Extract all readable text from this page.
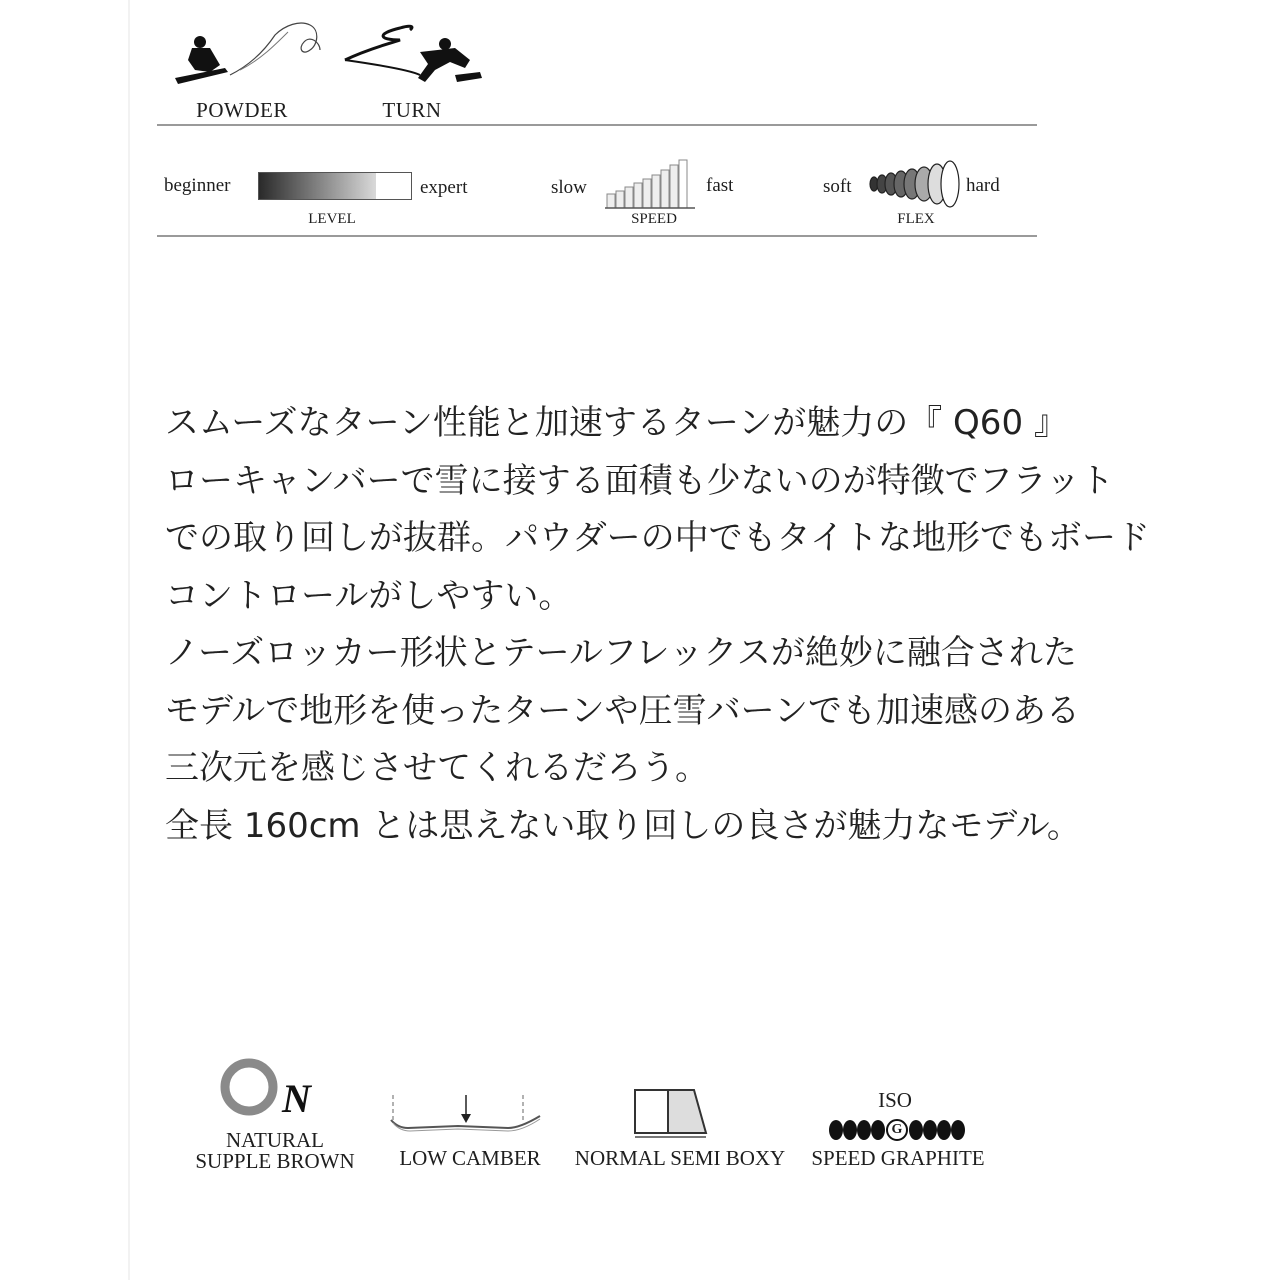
POWDER	TURN
beginner	expert
LEVEL
slow	fast
SPEED
soft	hard
FLEX
スムーズなターン性能と加速するターンが魅力の『 Q60 』
ローキャンバーで雪に接する面積も少ないのが特徴でフラット
での取り回しが抜群。パウダーの中でもタイトな地形でもボード
コントロールがしやすい。
ノーズロッカー形状とテールフレックスが絶妙に融合された
モデルで地形を使ったターンや圧雪バーンでも加速感のある
三次元を感じさせてくれるだろう。
全長 160cm とは思えない取り回しの良さが魅力なモデル。
N
NATURAL
SUPPLE BROWN	LOW CAMBER	NORMAL SEMI BOXY
ISO
G
SPEED GRAPHITE
